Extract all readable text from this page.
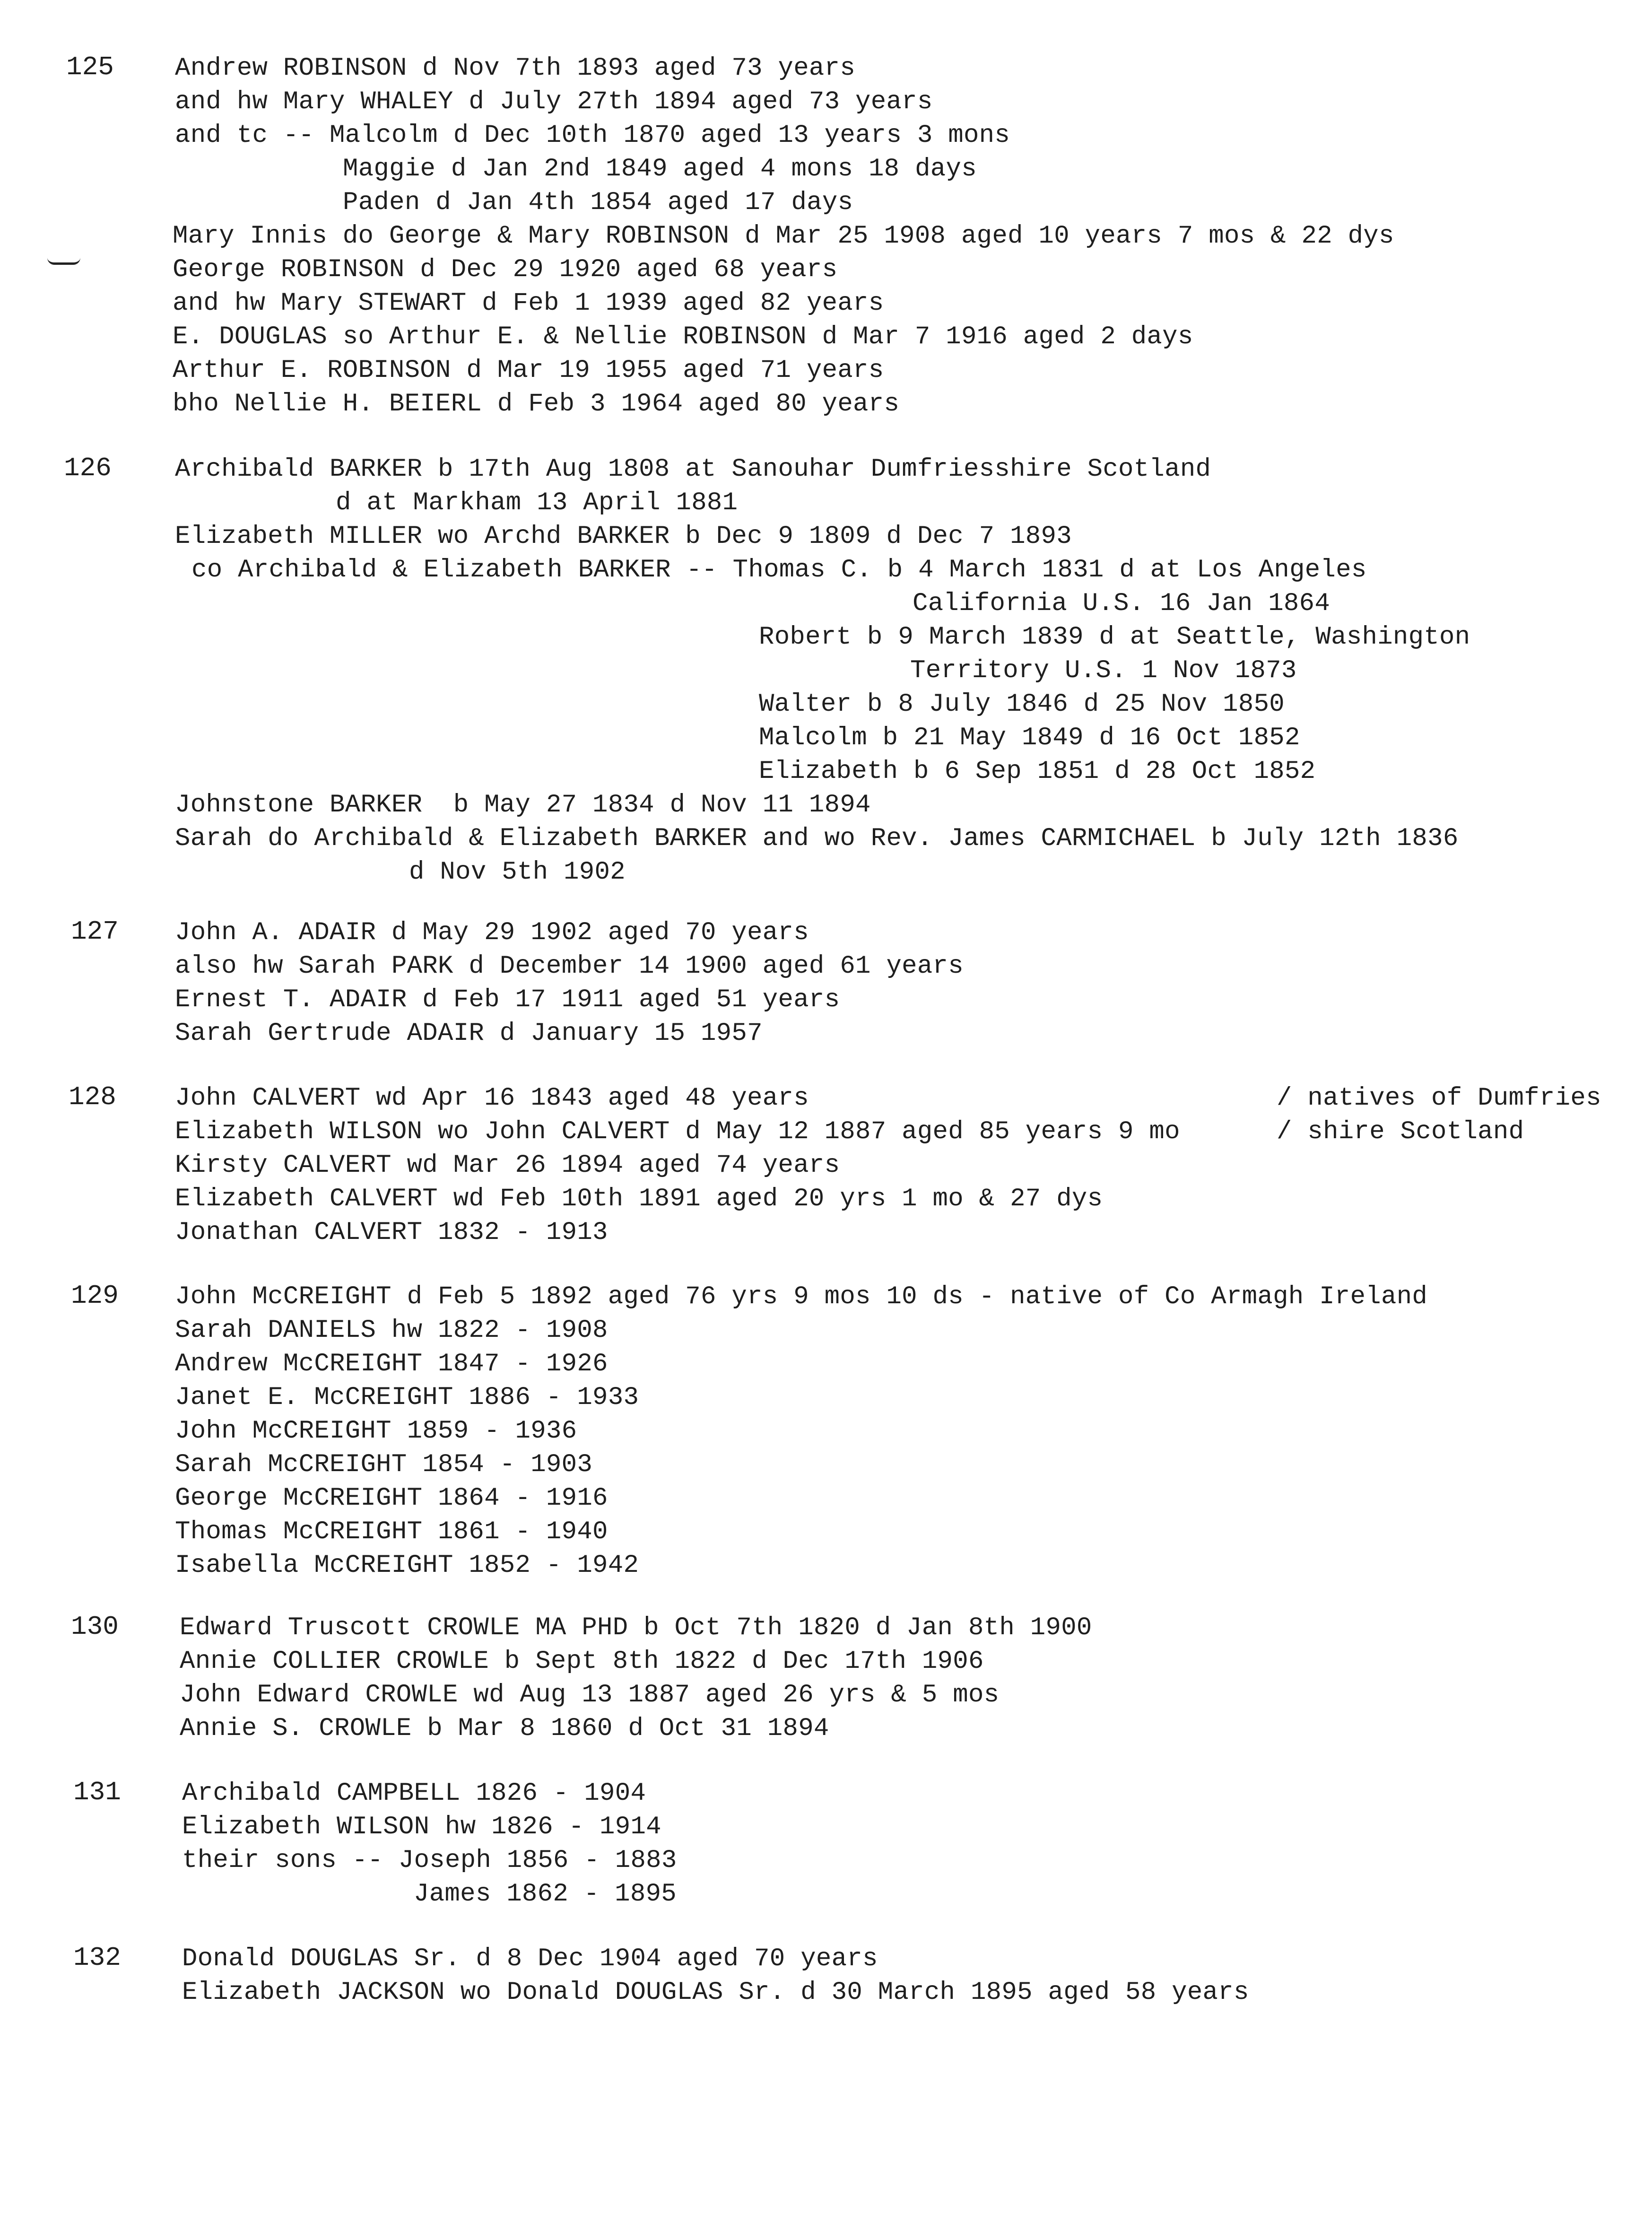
125 Andrew ROBINSON d Nov 7th 1893 aged 73 years
and hw Mary WHALEY d July 27th 1894 aged 73 years
and tc -- Malcolm d Dec 10th 1870 aged 13 years 3 mons
Maggie d Jan 2nd 1849 aged 4 mons 18 days
Paden d Jan 4th 1854 aged 17 days
Mary Innis do George & Mary ROBINSON d Mar 25 1908 aged 10 years 7 mos & 22 dys
George ROBINSON d Dec 29 1920 aged 68 years
and hw Mary STEWART d Feb 1 1939 aged 82 years
E. DOUGLAS so Arthur E. & Nellie ROBINSON d Mar 7 1916 aged 2 days
Arthur E. ROBINSON d Mar 19 1955 aged 71 years
bho Nellie H. BEIERL d Feb 3 1964 aged 80 years
126 Archibald BARKER b 17th Aug 1808 at Sanouhar Dumfriesshire Scotland
d at Markham 13 April 1881
Elizabeth MILLER wo Archd BARKER b Dec 9 1809 d Dec 7 1893
co Archibald & Elizabeth BARKER -- Thomas C. b 4 March 1831 d at Los Angeles
California U.S. 16 Jan 1864
Robert b 9 March 1839 d at Seattle, Washington
Territory U.S. 1 Nov 1873
Walter b 8 July 1846 d 25 Nov 1850
Malcolm b 21 May 1849 d 16 Oct 1852
Elizabeth b 6 Sep 1851 d 28 Oct 1852
Johnstone BARKER  b May 27 1834 d Nov 11 1894
Sarah do Archibald & Elizabeth BARKER and wo Rev. James CARMICHAEL b July 12th 1836
d Nov 5th 1902
127 John A. ADAIR d May 29 1902 aged 70 years
also hw Sarah PARK d December 14 1900 aged 61 years
Ernest T. ADAIR d Feb 17 1911 aged 51 years
Sarah Gertrude ADAIR d January 15 1957
128 John CALVERT wd Apr 16 1843 aged 48 years
Elizabeth WILSON wo John CALVERT d May 12 1887 aged 85 years 9 mo
Kirsty CALVERT wd Mar 26 1894 aged 74 years
Elizabeth CALVERT wd Feb 10th 1891 aged 20 yrs 1 mo & 27 dys
Jonathan CALVERT 1832 - 1913
/ natives of Dumfries
/ shire Scotland
129 John McCREIGHT d Feb 5 1892 aged 76 yrs 9 mos 10 ds - native of Co Armagh Ireland
Sarah DANIELS hw 1822 - 1908
Andrew McCREIGHT 1847 - 1926
Janet E. McCREIGHT 1886 - 1933
John McCREIGHT 1859 - 1936
Sarah McCREIGHT 1854 - 1903
George McCREIGHT 1864 - 1916
Thomas McCREIGHT 1861 - 1940
Isabella McCREIGHT 1852 - 1942
130 Edward Truscott CROWLE MA PHD b Oct 7th 1820 d Jan 8th 1900
Annie COLLIER CROWLE b Sept 8th 1822 d Dec 17th 1906
John Edward CROWLE wd Aug 13 1887 aged 26 yrs & 5 mos
Annie S. CROWLE b Mar 8 1860 d Oct 31 1894
131 Archibald CAMPBELL 1826 - 1904
Elizabeth WILSON hw 1826 - 1914
their sons -- Joseph 1856 - 1883
James 1862 - 1895
132 Donald DOUGLAS Sr. d 8 Dec 1904 aged 70 years
Elizabeth JACKSON wo Donald DOUGLAS Sr. d 30 March 1895 aged 58 years
